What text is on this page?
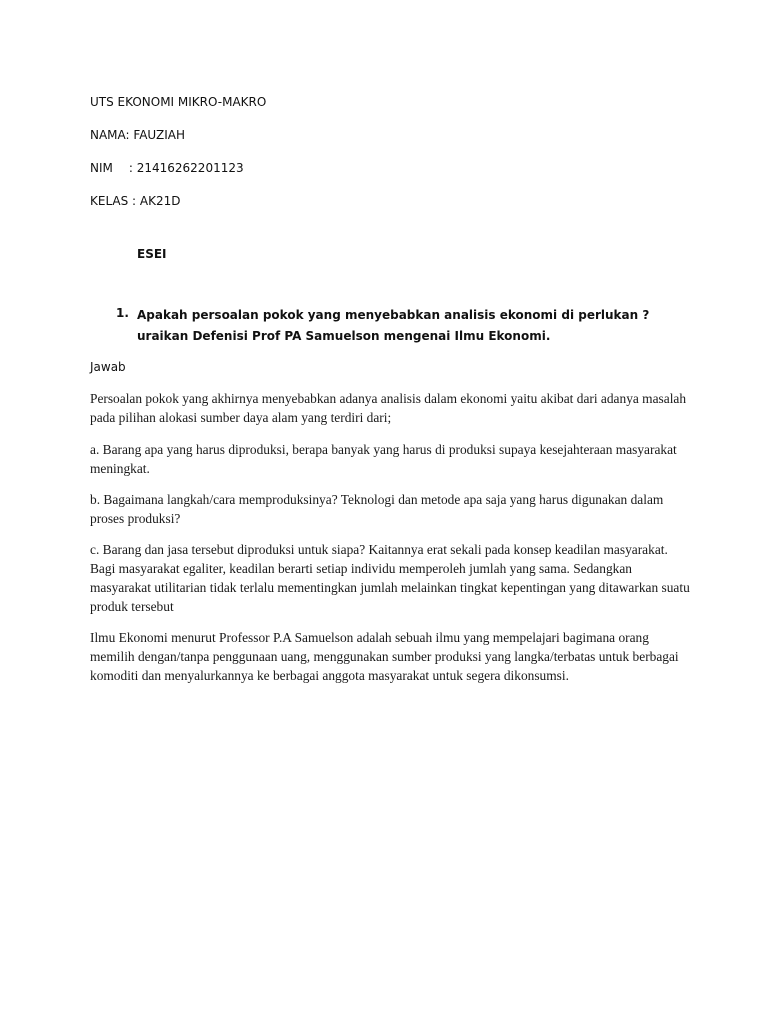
UTS EKONOMI MIKRO-MAKRO
NAMA: FAUZIAH
NIM : 21416262201123
KELAS : AK21D
ESEI
1. Apakah persoalan pokok yang menyebabkan analisis ekonomi di perlukan ? uraikan Defenisi Prof PA Samuelson mengenai Ilmu Ekonomi.
Jawab

Persoalan pokok yang akhirnya menyebabkan adanya analisis dalam ekonomi yaitu akibat dari adanya masalah pada pilihan alokasi sumber daya alam yang terdiri dari;

a. Barang apa yang harus diproduksi, berapa banyak yang harus di produksi supaya kesejahteraan masyarakat meningkat.

b. Bagaimana langkah/cara memproduksinya? Teknologi dan metode apa saja yang harus digunakan dalam proses produksi?

c. Barang dan jasa tersebut diproduksi untuk siapa? Kaitannya erat sekali pada konsep keadilan masyarakat. Bagi masyarakat egaliter, keadilan berarti setiap individu memperoleh jumlah yang sama. Sedangkan masyarakat utilitarian tidak terlalu mementingkan jumlah melainkan tingkat kepentingan yang ditawarkan suatu produk tersebut

Ilmu Ekonomi menurut Professor P.A Samuelson adalah sebuah ilmu yang mempelajari bagimana orang memilih dengan/tanpa penggunaan uang, menggunakan sumber produksi yang langka/terbatas untuk berbagai komoditi dan menyalurkannya ke berbagai anggota masyarakat untuk segera dikonsumsi.
